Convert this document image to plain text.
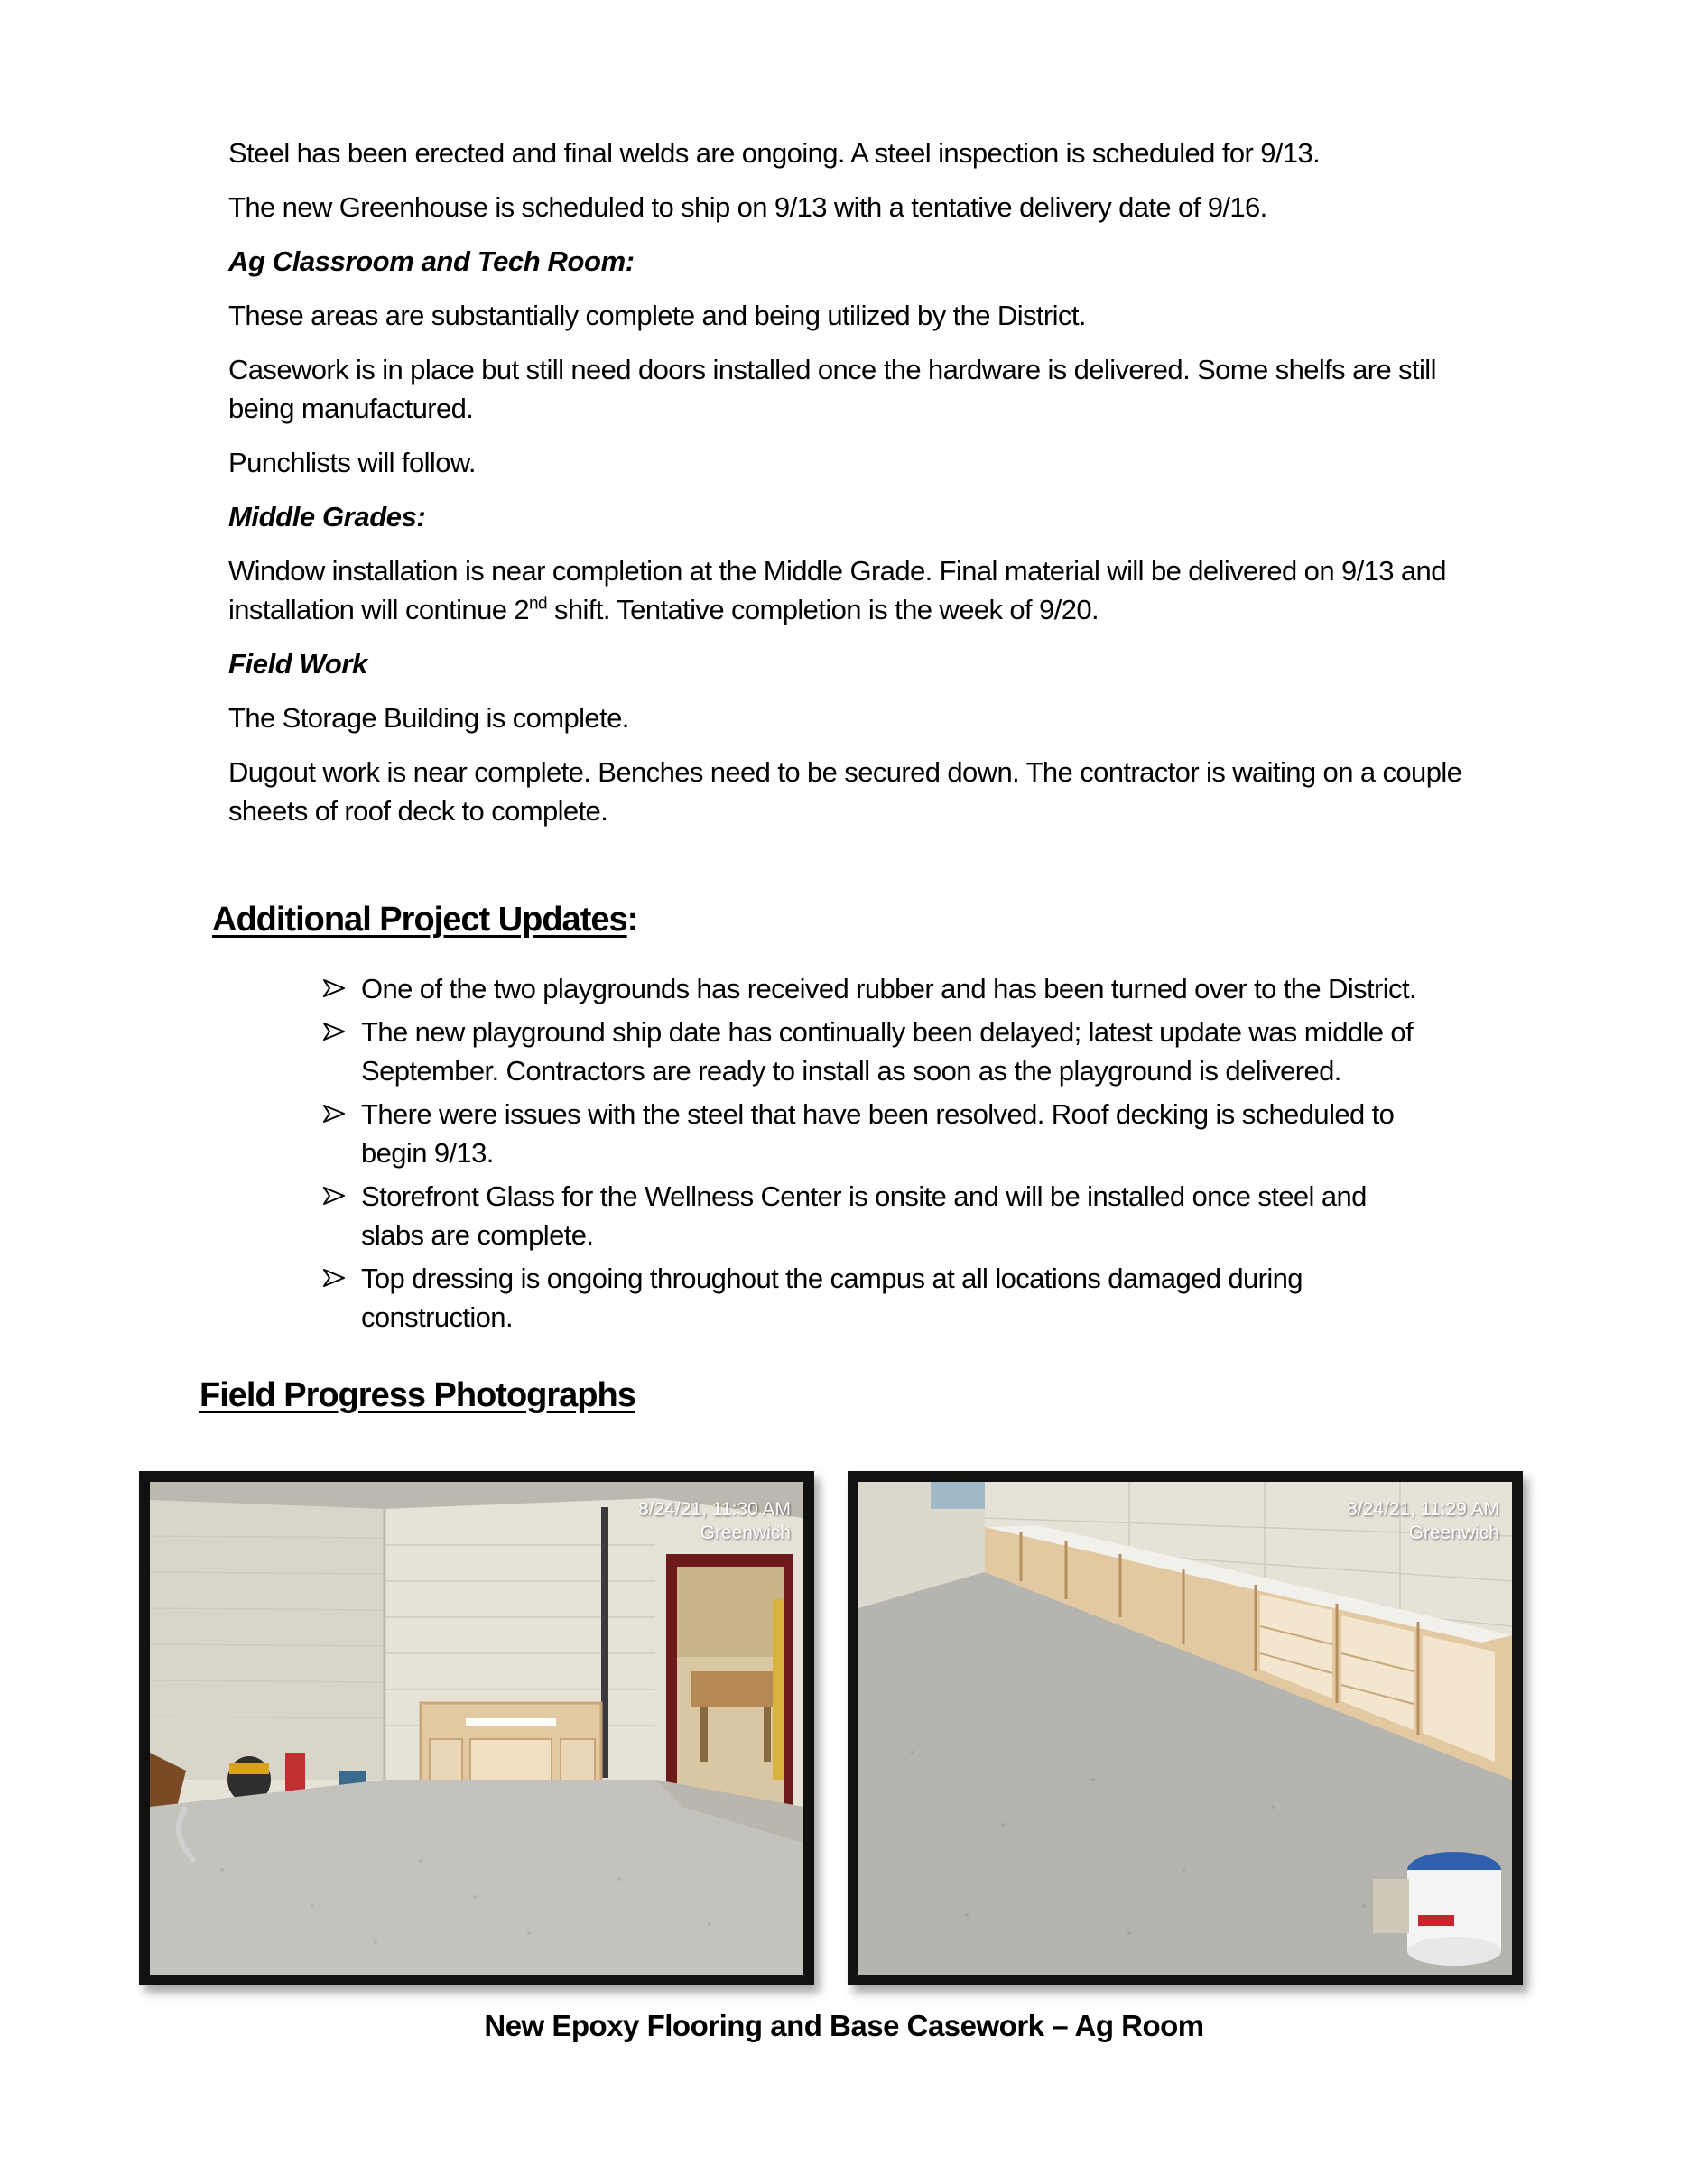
Steel has been erected and final welds are ongoing. A steel inspection is scheduled for 9/13.

The new Greenhouse is scheduled to ship on 9/13 with a tentative delivery date of 9/16.

Ag Classroom and Tech Room:

These areas are substantially complete and being utilized by the District.

Casework is in place but still need doors installed once the hardware is delivered. Some shelfs are still
being manufactured.

Punchlists will follow.

Middle Grades:

Window installation is near completion at the Middle Grade. Final material will be delivered on 9/13 and
installation will continue 2nd shift. Tentative completion is the week of 9/20.

Field Work

The Storage Building is complete.

Dugout work is near complete. Benches need to be secured down. The contractor is waiting on a couple
sheets of roof deck to complete.

Additional Project Updates:
One of the two playgrounds has received rubber and has been turned over to the District.
The new playground ship date has continually been delayed; latest update was middle of
September. Contractors are ready to install as soon as the playground is delivered.
There were issues with the steel that have been resolved. Roof decking is scheduled to
begin 9/13.
Storefront Glass for the Wellness Center is onsite and will be installed once steel and
slabs are complete.
Top dressing is ongoing throughout the campus at all locations damaged during
construction.
Field Progress Photographs
8/24/21, 11:30 AM
Greenwich
8/24/21, 11:29 AM
Greenwich
New Epoxy Flooring and Base Casework – Ag Room
